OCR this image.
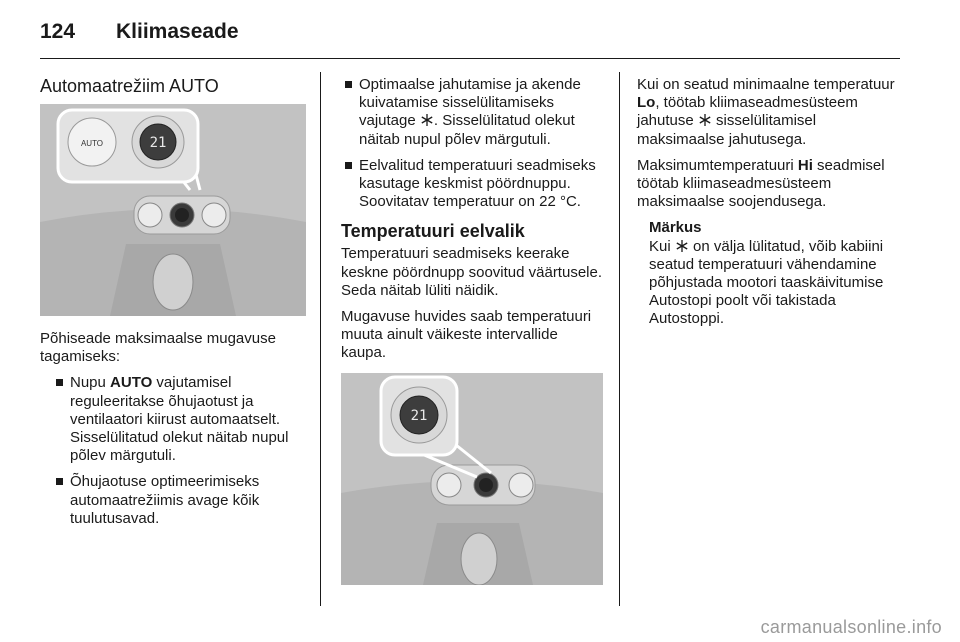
124 Kliimaseade
Automaatrežiim AUTO
21
AUTO

Põhiseade maksimaalse mugavuse tagamiseks:

Nupu AUTO vajutamisel reguleeritakse õhujaotust ja ventilaatori kiirust automaatselt. Sisselülitatud olekut näitab nupul põlev märgutuli.
Õhujaotuse optimeerimiseks automaatrežiimis avage kõik tuulutusavad.
Optimaalse jahutamise ja akende kuivatamise sisselülitamiseks vajutage . Sisselülitatud olekut näitab nupul põlev märgutuli.
Eelvalitud temperatuuri seadmiseks kasutage keskmist pöördnuppu. Soovitatav temperatuur on 22 °C.
Temperatuuri eelvalik

Temperatuuri seadmiseks keerake keskne pöördnupp soovitud väärtusele. Seda näitab lüliti näidik.

Mugavuse huvides saab temperatuuri muuta ainult väikeste intervallide kaupa.

21

Kui on seatud minimaalne temperatuur Lo, töötab kliimaseadmesüsteem jahutuse  sisselülitamisel maksimaalse jahutusega.

Maksimumtemperatuuri Hi seadmisel töötab kliimaseadmesüsteem maksimaalse soojendusega.

Märkus
Kui  on välja lülitatud, võib kabiini seatud temperatuuri vähendamine põhjustada mootori taaskäivitumise Autostopi poolt või takistada Autostoppi.
carmanualsonline.info
